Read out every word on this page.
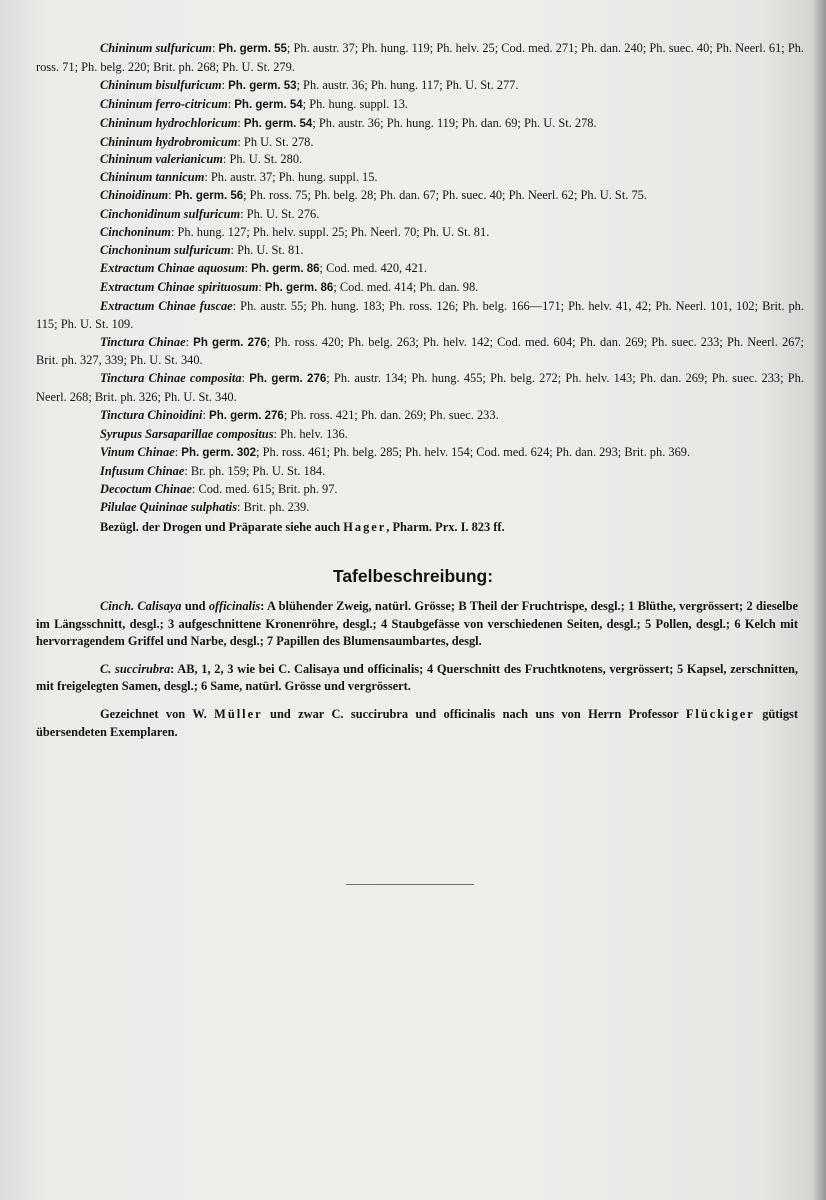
Chininum sulfuricum: Ph. germ. 55; Ph. austr. 37; Ph. hung. 119; Ph. helv. 25; Cod. med. 271; Ph. dan. 240; Ph. suec. 40; Ph. Neerl. 61; Ph. ross. 71; Ph. belg. 220; Brit. ph. 268; Ph. U. St. 279.
Chininum bisulfuricum: Ph. germ. 53; Ph. austr. 36; Ph. hung. 117; Ph. U. St. 277.
Chininum ferro-citricum: Ph. germ. 54; Ph. hung. suppl. 13.
Chininum hydrochloricum: Ph. germ. 54; Ph. austr. 36; Ph. hung. 119; Ph. dan. 69; Ph. U. St. 278.
Chininum hydrobromicum: Ph U. St. 278.
Chininum valerianicum: Ph. U. St. 280.
Chininum tannicum: Ph. austr. 37; Ph. hung. suppl. 15.
Chinoidinum: Ph. germ. 56; Ph. ross. 75; Ph. belg. 28; Ph. dan. 67; Ph. suec. 40; Ph. Neerl. 62; Ph. U. St. 75.
Cinchonidinum sulfuricum: Ph. U. St. 276.
Cinchoninum: Ph. hung. 127; Ph. helv. suppl. 25; Ph. Neerl. 70; Ph. U. St. 81.
Cinchoninum sulfuricum: Ph. U. St. 81.
Extractum Chinae aquosum: Ph. germ. 86; Cod. med. 420, 421.
Extractum Chinae spirituosum: Ph. germ. 86; Cod. med. 414; Ph. dan. 98.
Extractum Chinae fuscae: Ph. austr. 55; Ph. hung. 183; Ph. ross. 126; Ph. belg. 166—171; Ph. helv. 41, 42; Ph. Neerl. 101, 102; Brit. ph. 115; Ph. U. St. 109.
Tinctura Chinae: Ph germ. 276; Ph. ross. 420; Ph. belg. 263; Ph. helv. 142; Cod. med. 604; Ph. dan. 269; Ph. suec. 233; Ph. Neerl. 267; Brit. ph. 327, 339; Ph. U. St. 340.
Tinctura Chinae composita: Ph. germ. 276; Ph. austr. 134; Ph. hung. 455; Ph. belg. 272; Ph. helv. 143; Ph. dan. 269; Ph. suec. 233; Ph. Neerl. 268; Brit. ph. 326; Ph. U. St. 340.
Tinctura Chinoidini: Ph. germ. 276; Ph. ross. 421; Ph. dan. 269; Ph. suec. 233.
Syrupus Sarsaparillae compositus: Ph. helv. 136.
Vinum Chinae: Ph. germ. 302; Ph. ross. 461; Ph. belg. 285; Ph. helv. 154; Cod. med. 624; Ph. dan. 293; Brit. ph. 369.
Infusum Chinae: Br. ph. 159; Ph. U. St. 184.
Decoctum Chinae: Cod. med. 615; Brit. ph. 97.
Pilulae Quininae sulphatis: Brit. ph. 239.
Bezügl. der Drogen und Präparate siehe auch Hager, Pharm. Prx. I. 823 ff.
Tafelbeschreibung:

Cinch. Calisaya und officinalis: A blühender Zweig, natürl. Grösse; B Theil der Fruchtrispe, desgl.; 1 Blüthe, vergrössert; 2 dieselbe im Längsschnitt, desgl.; 3 aufgeschnittene Kronenröhre, desgl.; 4 Staubgefässe von verschiedenen Seiten, desgl.; 5 Pollen, desgl.; 6 Kelch mit hervorragendem Griffel und Narbe, desgl.; 7 Papillen des Blumensaumbartes, desgl.

C. succirubra: AB, 1, 2, 3 wie bei C. Calisaya und officinalis; 4 Querschnitt des Fruchtknotens, vergrössert; 5 Kapsel, zerschnitten, mit freigelegten Samen, desgl.; 6 Same, natürl. Grösse und vergrössert.

Gezeichnet von W. Müller und zwar C. succirubra und officinalis nach uns von Herrn Professor Flückiger gütigst übersendeten Exemplaren.
